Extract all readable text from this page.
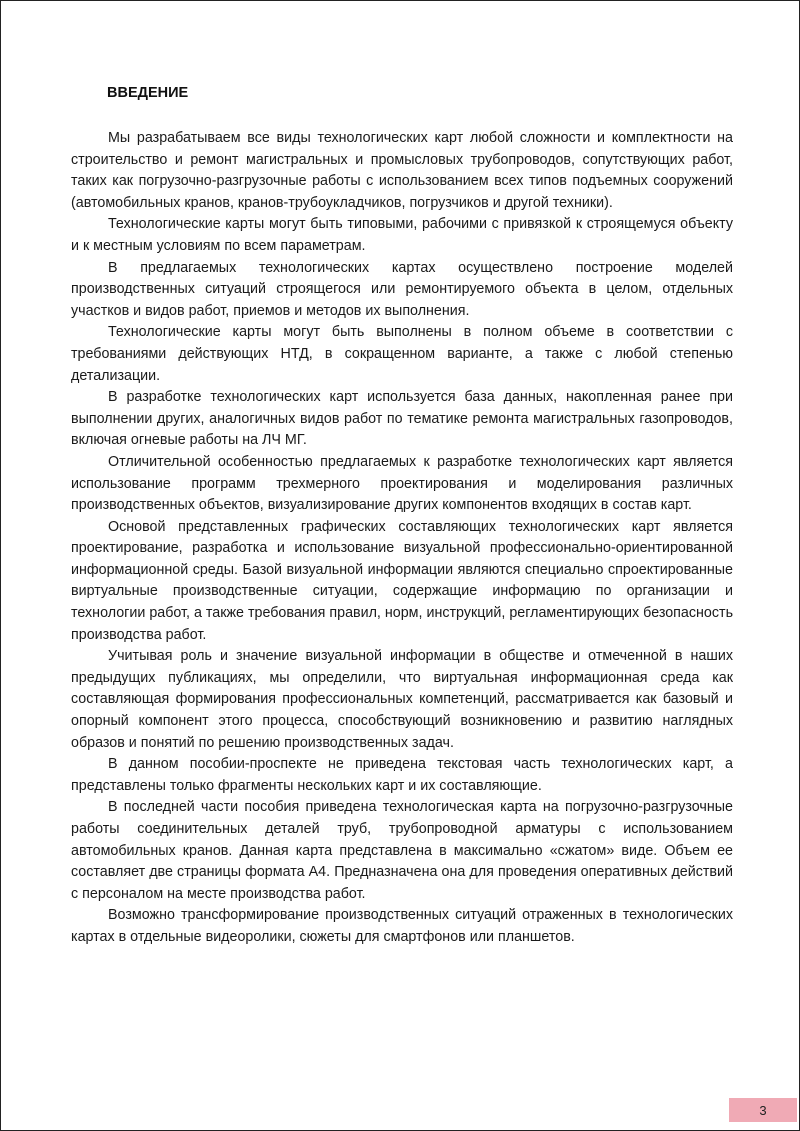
ВВЕДЕНИЕ

Мы разрабатываем все виды технологических карт любой сложности и комплектности на строительство и ремонт магистральных и промысловых трубопроводов, сопутствующих работ, таких как погрузочно-разгрузочные работы с использованием всех типов подъемных сооружений (автомобильных кранов, кранов-трубоукладчиков, погрузчиков и другой техники).

Технологические карты могут быть типовыми, рабочими с привязкой к строящемуся объекту и к местным условиям по всем параметрам.

В предлагаемых технологических картах осуществлено построение моделей производственных ситуаций строящегося или ремонтируемого объекта в целом, отдельных участков и видов работ, приемов и методов их выполнения.

Технологические карты могут быть выполнены в полном объеме в соответствии с требованиями действующих НТД, в сокращенном варианте, а также с любой степенью детализации.

В разработке технологических карт используется база данных, накопленная ранее при выполнении других, аналогичных видов работ по тематике ремонта магистральных газопроводов, включая огневые работы на ЛЧ МГ.

Отличительной особенностью предлагаемых к разработке технологических карт является использование программ трехмерного проектирования и моделирования различных производственных объектов, визуализирование других компонентов входящих в состав карт.

Основой представленных графических составляющих технологических карт является проектирование, разработка и использование визуальной профессионально-ориентированной информационной среды. Базой визуальной информации являются специально спроектированные виртуальные производственные ситуации, содержащие информацию по организации и технологии работ, а также требования правил, норм, инструкций, регламентирующих безопасность производства работ.

Учитывая роль и значение визуальной информации в обществе и отмеченной в наших предыдущих публикациях, мы определили, что виртуальная информационная среда как составляющая формирования профессиональных компетенций, рассматривается как базовый и опорный компонент этого процесса, способствующий возникновению и развитию наглядных образов и понятий по решению производственных задач.

В данном пособии-проспекте не приведена текстовая часть технологических карт, а представлены только фрагменты нескольких карт и их составляющие.

В последней части пособия приведена технологическая карта на погрузочно-разгрузочные работы соединительных деталей труб, трубопроводной арматуры с использованием автомобильных кранов. Данная карта представлена в максимально «сжатом» виде. Объем ее составляет две страницы формата А4. Предназначена она для проведения оперативных действий с персоналом на месте производства работ.

Возможно трансформирование производственных ситуаций отраженных в технологических картах в отдельные видеоролики, сюжеты для смартфонов или планшетов.

3
